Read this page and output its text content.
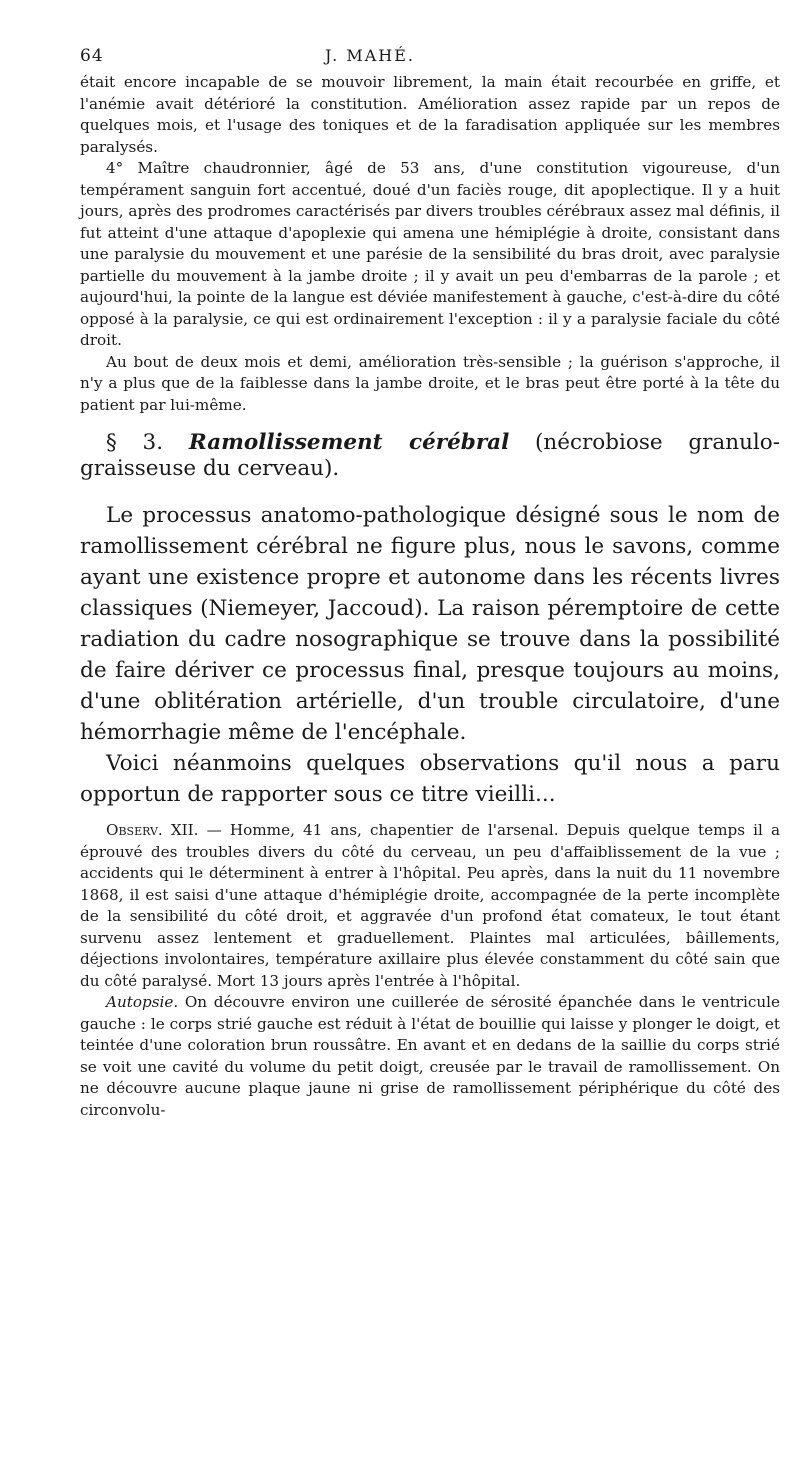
64	J. MAHÉ.

était encore incapable de se mouvoir librement, la main était recourbée en griffe, et l'anémie avait détérioré la constitution. Amélioration assez rapide par un repos de quelques mois, et l'usage des toniques et de la faradisation appliquée sur les membres paralysés.

4° Maître chaudronnier, âgé de 53 ans, d'une constitution vigoureuse, d'un tempérament sanguin fort accentué, doué d'un faciès rouge, dit apoplectique. Il y a huit jours, après des prodromes caractérisés par divers troubles cérébraux assez mal définis, il fut atteint d'une attaque d'apoplexie qui amena une hémiplégie à droite, consistant dans une paralysie du mouvement et une parésie de la sensibilité du bras droit, avec paralysie partielle du mouvement à la jambe droite ; il y avait un peu d'embarras de la parole ; et aujourd'hui, la pointe de la langue est déviée manifestement à gauche, c'est-à-dire du côté opposé à la paralysie, ce qui est ordinairement l'exception : il y a paralysie faciale du côté droit.

Au bout de deux mois et demi, amélioration très-sensible ; la guérison s'approche, il n'y a plus que de la faiblesse dans la jambe droite, et le bras peut être porté à la tête du patient par lui-même.

§ 3. Ramollissement cérébral (nécrobiose granulo-graisseuse du cerveau).

Le processus anatomo-pathologique désigné sous le nom de ramollissement cérébral ne figure plus, nous le savons, comme ayant une existence propre et autonome dans les récents livres classiques (Niemeyer, Jaccoud). La raison péremptoire de cette radiation du cadre nosographique se trouve dans la possibilité de faire dériver ce processus final, presque toujours au moins, d'une oblitération artérielle, d'un trouble circulatoire, d'une hémorrhagie même de l'encéphale.

Voici néanmoins quelques observations qu'il nous a paru opportun de rapporter sous ce titre vieilli...

Observ. XII. — Homme, 41 ans, chapentier de l'arsenal. Depuis quelque temps il a éprouvé des troubles divers du côté du cerveau, un peu d'affaiblissement de la vue ; accidents qui le déterminent à entrer à l'hôpital. Peu après, dans la nuit du 11 novembre 1868, il est saisi d'une attaque d'hémiplégie droite, accompagnée de la perte incomplète de la sensibilité du côté droit, et aggravée d'un profond état comateux, le tout étant survenu assez lentement et graduellement. Plaintes mal articulées, bâillements, déjections involontaires, température axillaire plus élevée constamment du côté sain que du côté paralysé. Mort 13 jours après l'entrée à l'hôpital.

Autopsie. On découvre environ une cuillerée de sérosité épanchée dans le ventricule gauche : le corps strié gauche est réduit à l'état de bouillie qui laisse y plonger le doigt, et teintée d'une coloration brun roussâtre. En avant et en dedans de la saillie du corps strié se voit une cavité du volume du petit doigt, creusée par le travail de ramollissement. On ne découvre aucune plaque jaune ni grise de ramollissement périphérique du côté des circonvolu-
